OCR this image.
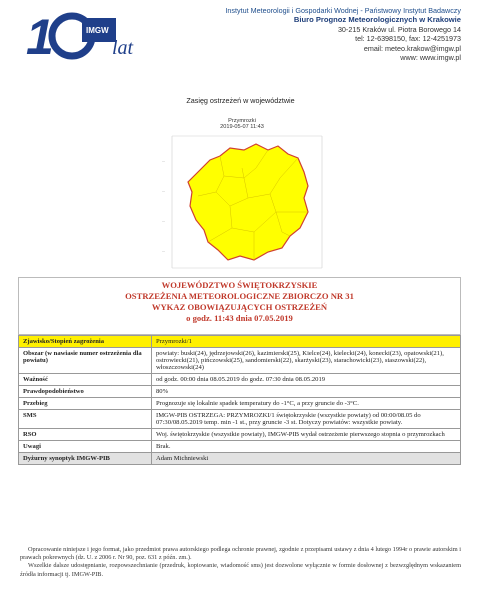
1	IMGW
lat
Instytut Meteorologii i Gospodarki Wodnej - Państwowy Instytut Badawczy
Biuro Prognoz Meteorologicznych w Krakowie
30-215 Kraków ul. Piotra Borowego 14
tel: 12-6398150, fax: 12-4251973
email: meteo.krakow@imgw.pl
www: www.imgw.pl
Zasięg ostrzeżeń w województwie
Przymrozki
2019-05-07 11:43
—
—
—
—
WOJEWÓDZTWO ŚWIĘTOKRZYSKIE
OSTRZEŻENIA METEOROLOGICZNE ZBIORCZO NR 31
WYKAZ OBOWIĄZUJĄCYCH OSTRZEŻEŃ
o godz. 11:43 dnia 07.05.2019
Zjawisko/Stopień zagrożenia	Przymrozki/1
Obszar (w nawiasie numer ostrzeżenia dla powiatu)	powiaty: buski(24), jędrzejowski(26), kazimierski(25), Kielce(24), kielecki(24), konecki(23), opatowski(21), ostrowiecki(21), pińczowski(25), sandomierski(22), skarżyski(23), starachowicki(23), staszowski(22), włoszczowski(24)
Ważność	od godz. 00:00 dnia 08.05.2019 do godz. 07:30 dnia 08.05.2019
Prawdopodobieństwo	80%
Przebieg	Prognozuje się lokalnie spadek temperatury do -1°C, a przy gruncie do -3°C.
SMS	IMGW-PIB OSTRZEGA: PRZYMROZKI/1 świętokrzyskie (wszystkie powiaty) od 00:00/08.05 do 07:30/08.05.2019 temp. min -1 st., przy gruncie -3 st. Dotyczy powiatów: wszystkie powiaty.
RSO	Woj. świętokrzyskie (wszystkie powiaty), IMGW-PIB wydał ostrzeżenie pierwszego stopnia o przymrozkach
Uwagi	Brak.
Dyżurny synoptyk IMGW-PIB	Adam Michniewski

Opracowanie niniejsze i jego format, jako przedmiot prawa autorskiego podlega ochronie prawnej, zgodnie z przepisami ustawy z dnia 4 lutego 1994r o prawie autorskim i prawach pokrewnych (dz. U. z 2006 r. Nr 90, poz. 631 z późn. zm.).

Wszelkie dalsze udostępnianie, rozpowszechnianie (przedruk, kopiowanie, wiadomość sms) jest dozwolone wyłącznie w formie dosłownej z bezwzględnym wskazaniem źródła informacji tj. IMGW-PIB.
